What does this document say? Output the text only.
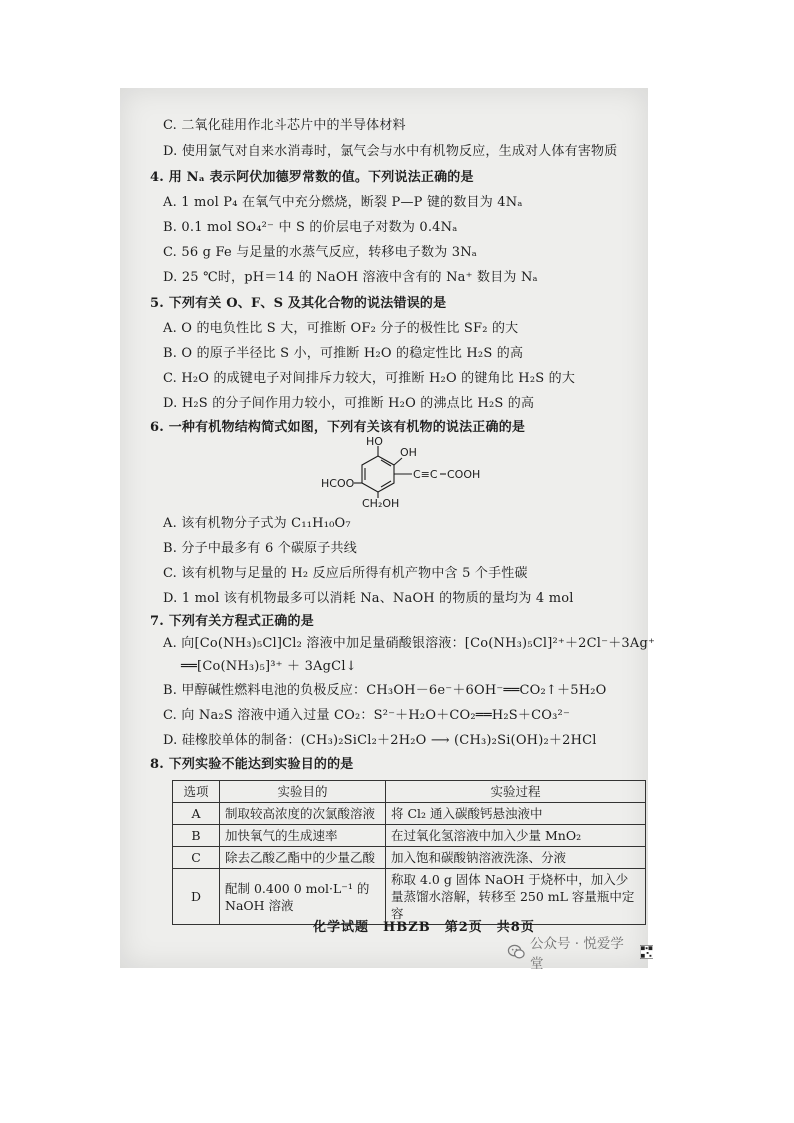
C. 二氧化硅用作北斗芯片中的半导体材料
D. 使用氯气对自来水消毒时，氯气会与水中有机物反应，生成对人体有害物质
4. 用 Nₐ 表示阿伏加德罗常数的值。下列说法正确的是
A. 1 mol P₄ 在氧气中充分燃烧，断裂 P—P 键的数目为 4Nₐ
B. 0.1 mol SO₄²⁻ 中 S 的价层电子对数为 0.4Nₐ
C. 56 g Fe 与足量的水蒸气反应，转移电子数为 3Nₐ
D. 25 ℃时，pH＝14 的 NaOH 溶液中含有的 Na⁺ 数目为 Nₐ
5. 下列有关 O、F、S 及其化合物的说法错误的是
A. O 的电负性比 S 大，可推断 OF₂ 分子的极性比 SF₂ 的大
B. O 的原子半径比 S 小，可推断 H₂O 的稳定性比 H₂S 的高
C. H₂O 的成键电子对间排斥力较大，可推断 H₂O 的键角比 H₂S 的大
D. H₂S 的分子间作用力较小，可推断 H₂O 的沸点比 H₂S 的高
6. 一种有机物结构简式如图，下列有关该有机物的说法正确的是
HO
OH
HCOO
C≡C COOH
CH₂OH
A. 该有机物分子式为 C₁₁H₁₀O₇
B. 分子中最多有 6 个碳原子共线
C. 该有机物与足量的 H₂ 反应后所得有机产物中含 5 个手性碳
D. 1 mol 该有机物最多可以消耗 Na、NaOH 的物质的量均为 4 mol
7. 下列有关方程式正确的是
A. 向[Co(NH₃)₅Cl]Cl₂ 溶液中加足量硝酸银溶液：[Co(NH₃)₅Cl]²⁺＋2Cl⁻＋3Ag⁺
══[Co(NH₃)₅]³⁺ ＋ 3AgCl↓
B. 甲醇碱性燃料电池的负极反应：CH₃OH－6e⁻＋6OH⁻══CO₂↑＋5H₂O
C. 向 Na₂S 溶液中通入过量 CO₂：S²⁻＋H₂O＋CO₂══H₂S＋CO₃²⁻
D. 硅橡胶单体的制备：(CH₃)₂SiCl₂＋2H₂O ⟶ (CH₃)₂Si(OH)₂＋2HCl
8. 下列实验不能达到实验目的的是
选项	实验目的	实验过程
A	制取较高浓度的次氯酸溶液	将 Cl₂ 通入碳酸钙悬浊液中
B	加快氧气的生成速率	在过氧化氢溶液中加入少量 MnO₂
C	除去乙酸乙酯中的少量乙酸	加入饱和碳酸钠溶液洗涤、分液
D	配制 0.400 0 mol·L⁻¹ 的 NaOH 溶液	称取 4.0 g 固体 NaOH 于烧杯中，加入少量蒸馏水溶解，转移至 250 mL 容量瓶中定容
化学试题　HBZB　第2页　共8页
公众号 · 悦爱学堂
